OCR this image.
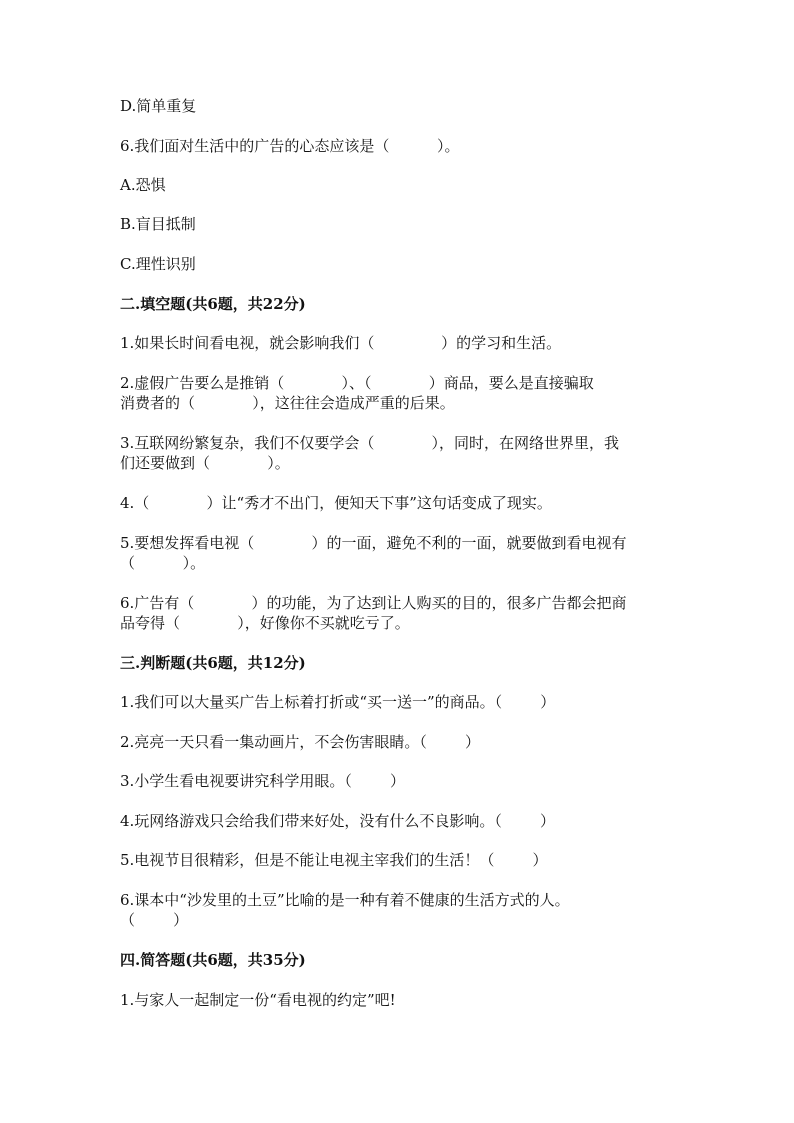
D.简单重复
6.我们面对生活中的广告的心态应该是（          ）。
A.恐惧
B.盲目抵制
C.理性识别
二.填空题(共6题，共22分)
1.如果长时间看电视，就会影响我们（              ）的学习和生活。
2.虚假广告要么是推销（            ）、（            ）商品，要么是直接骗取
消费者的（            ），这往往会造成严重的后果。
3.互联网纷繁复杂，我们不仅要学会（            ），同时，在网络世界里，我
们还要做到（            ）。
4.（            ）让“秀才不出门，便知天下事”这句话变成了现实。
5.要想发挥看电视（            ）的一面，避免不利的一面，就要做到看电视有
（          ）。
6.广告有（            ）的功能，为了达到让人购买的目的，很多广告都会把商
品夸得（            ），好像你不买就吃亏了。
三.判断题(共6题，共12分)
1.我们可以大量买广告上标着打折或“买一送一”的商品。（        ）
2.亮亮一天只看一集动画片，不会伤害眼睛。（        ）
3.小学生看电视要讲究科学用眼。（        ）
4.玩网络游戏只会给我们带来好处，没有什么不良影响。（        ）
5.电视节目很精彩，但是不能让电视主宰我们的生活！（        ）
6.课本中“沙发里的土豆”比喻的是一种有着不健康的生活方式的人。
（        ）
四.简答题(共6题，共35分)
1.与家人一起制定一份“看电视的约定”吧!
